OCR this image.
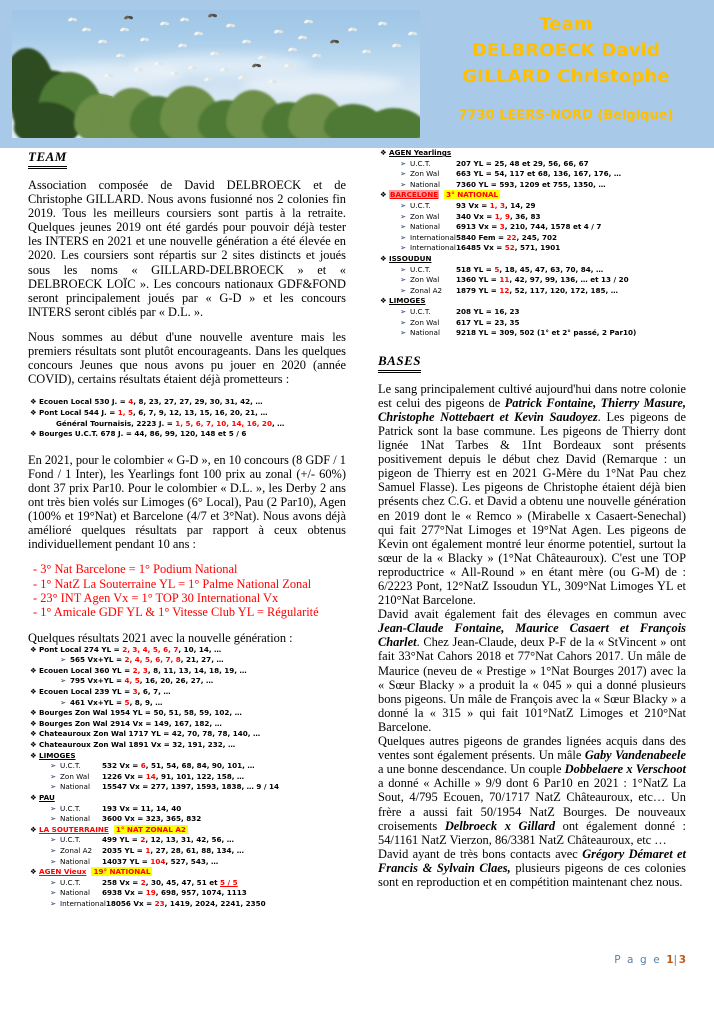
Team
DELBROECK David
GILLARD Christophe
7730 LEERS-NORD (Belgique)
TEAM

Association composée de David DELBROECK et de Christophe GILLARD. Nous avons fusionné nos 2 colonies fin 2019. Tous les meilleurs coursiers sont partis à la retraite. Quelques jeunes 2019 ont été gardés pour pouvoir déjà tester les INTERS en 2021 et une nouvelle génération a été élevée en 2020. Les coursiers sont répartis sur 2 sites distincts et joués sous les noms « GILLARD-DELBROECK » et « DELBROECK LOÏC ». Les concours nationaux GDF&FOND seront principalement joués par « G-D » et les concours INTERS seront ciblés par « D.L. ».

Nous sommes au début d'une nouvelle aventure mais les premiers résultats sont plutôt encourageants. Dans les quelques concours Jeunes que nous avons pu jouer en 2020 (année COVID), certains résultats étaient déjà prometteurs :

❖ Ecouen Local 530 J. = 4, 8, 23, 27, 27, 29, 30, 31, 42, …
❖ Pont Local 544 J. = 1, 5, 6, 7, 9, 12, 13, 15, 16, 20, 21, …
Général Tournaisis, 2223 J. = 1, 5, 6, 7, 10, 14, 16, 20, …
❖ Bourges U.C.T. 678 J. = 44, 86, 99, 120, 148 et 5 / 6

En 2021, pour le colombier « G-D », en 10 concours (8 GDF / 1 Fond / 1 Inter), les Yearlings font 100 prix au zonal (+/- 60%) dont 37 prix Par10. Pour le colombier « D.L. », les Derby 2 ans ont très bien volés sur Limoges (6° Local), Pau (2 Par10), Agen (100% et 19°Nat) et Barcelone (4/7 et 3°Nat). Nous avons déjà amélioré quelques résultats par rapport à ceux obtenus individuellement pendant 10 ans :

- 3° Nat Barcelone = 1° Podium National
- 1° NatZ La Souterraine YL = 1° Palme National Zonal
- 23° INT Agen Vx = 1° TOP 30 International Vx
- 1° Amicale GDF YL & 1° Vitesse Club YL = Régularité

Quelques résultats 2021 avec la nouvelle génération :

❖ Pont Local 274 YL = 2, 3, 4, 5, 6, 7, 10, 14, …
➢ 565 Vx+YL = 2, 4, 5, 6, 7, 8, 21, 27, …
❖ Ecouen Local 360 YL = 2, 3, 8, 11, 13, 14, 18, 19, …
➢ 795 Vx+YL = 4, 5, 16, 20, 26, 27, …
❖ Ecouen Local 239 YL = 3, 6, 7, …
➢ 461 Vx+YL = 5, 8, 9, …
❖ Bourges Zon Wal 1954 YL = 50, 51, 58, 59, 102, …
❖ Bourges Zon Wal 2914 Vx = 149, 167, 182, …
❖ Chateauroux Zon Wal 1717 YL = 42, 70, 78, 78, 140, …
❖ Chateauroux Zon Wal 1891 Vx = 32, 191, 232, …
❖ LIMOGES
➢ U.C.T.	532 Vx = 6, 51, 54, 68, 84, 90, 101, …
➢ Zon Wal 1226 Vx = 14, 91, 101, 122, 158, …
➢ National 15547 Vx = 277, 1397, 1593, 1838, … 9 / 14
❖ PAU
➢ U.C.T.	193 Vx = 11, 14, 40
➢ National 3600 Vx = 323, 365, 832
❖ LA SOUTERRAINE 1° NAT ZONAL A2
➢ U.C.T.	499 YL = 2, 12, 13, 31, 42, 56, …
➢ Zonal A2 2035 YL = 1, 27, 28, 61, 88, 134, …
➢ National 14037 YL = 104, 527, 543, …
❖ AGEN Vieux 19° NATIONAL
➢ U.C.T.	258 Vx = 2, 30, 45, 47, 51 et 5 / 5
➢ National 6938 Vx = 19, 698, 957, 1074, 1113
➢ International18056 Vx = 23, 1419, 2024, 2241, 2350
❖ AGEN Yearlings
➢ U.C.T.	207 YL = 25, 48 et 29, 56, 66, 67
➢ Zon Wal 663 YL = 54, 117 et 68, 136, 167, 176, …
➢ National 7360 YL = 593, 1209 et 755, 1350, …
❖ BARCELONE 3° NATIONAL
➢ U.C.T.	93 Vx = 1, 3, 14, 29
➢ Zon Wal 340 Vx = 1, 9, 36, 83
➢ National 6913 Vx = 3, 210, 744, 1578 et 4 / 7
➢ International5840 Fem = 22, 245, 702
➢ International16485 Vx = 52, 571, 1901
❖ ISSOUDUN
➢ U.C.T.	518 YL = 5, 18, 45, 47, 63, 70, 84, …
➢ Zon Wal 1360 YL = 11, 42, 97, 99, 136, … et 13 / 20
➢ Zonal A2 1879 YL = 12, 52, 117, 120, 172, 185, …
❖ LIMOGES
➢ U.C.T.	208 YL = 16, 23
➢ Zon Wal 617 YL = 23, 35
➢ National 9218 YL = 309, 502 (1° et 2° passé, 2 Par10)
BASES

Le sang principalement cultivé aujourd'hui dans notre colonie est celui des pigeons de Patrick Fontaine, Thierry Masure, Christophe Nottebaert et Kevin Saudoyez. Les pigeons de Patrick sont la base commune. Les pigeons de Thierry dont lignée 1Nat Tarbes & 1Int Bordeaux sont présents positivement depuis le début chez David (Remarque : un pigeon de Thierry est en 2021 G-Mère du 1°Nat Pau chez Samuel Flasse). Les pigeons de Christophe étaient déjà bien présents chez C.G. et David a obtenu une nouvelle génération en 2019 dont le « Remco » (Mirabelle x Casaert-Senechal) qui fait 277°Nat Limoges et 19°Nat Agen. Les pigeons de Kevin ont également montré leur énorme potentiel, surtout la sœur de la « Blacky » (1°Nat Châteauroux). C'est une TOP reproductrice « All-Round » en étant mère (ou G-M) de : 6/2223 Pont, 12°NatZ Issoudun YL, 309°Nat Limoges YL et 210°Nat Barcelone.

David avait également fait des élevages en commun avec Jean-Claude Fontaine, Maurice Casaert et François Charlet. Chez Jean-Claude, deux P-F de la « StVincent » ont fait 33°Nat Cahors 2018 et 77°Nat Cahors 2017. Un mâle de Maurice (neveu de « Prestige » 1°Nat Bourges 2017) avec la « Sœur Blacky » a produit la « 045 » qui a donné plusieurs bons pigeons. Un mâle de François avec la « Sœur Blacky » a donné la « 315 » qui fait 101°NatZ Limoges et 210°Nat Barcelone.

Quelques autres pigeons de grandes lignées acquis dans des ventes sont également présents. Un mâle Gaby Vandenabeele a une bonne descendance. Un couple Dobbelaere x Verschoot a donné « Achille » 9/9 dont 6 Par10 en 2021 : 1°NatZ La Sout, 4/795 Ecouen, 70/1717 NatZ Châteauroux, etc… Un frère a aussi fait 50/1954 NatZ Bourges. De nouveaux croisements Delbroeck x Gillard ont également donné : 54/1161 NatZ Vierzon, 86/3381 NatZ Châteauroux, etc …

David ayant de très bons contacts avec Grégory Démaret et Francis & Sylvain Claes, plusieurs pigeons de ces colonies sont en reproduction et en compétition maintenant chez nous.

P a g e 1|3
